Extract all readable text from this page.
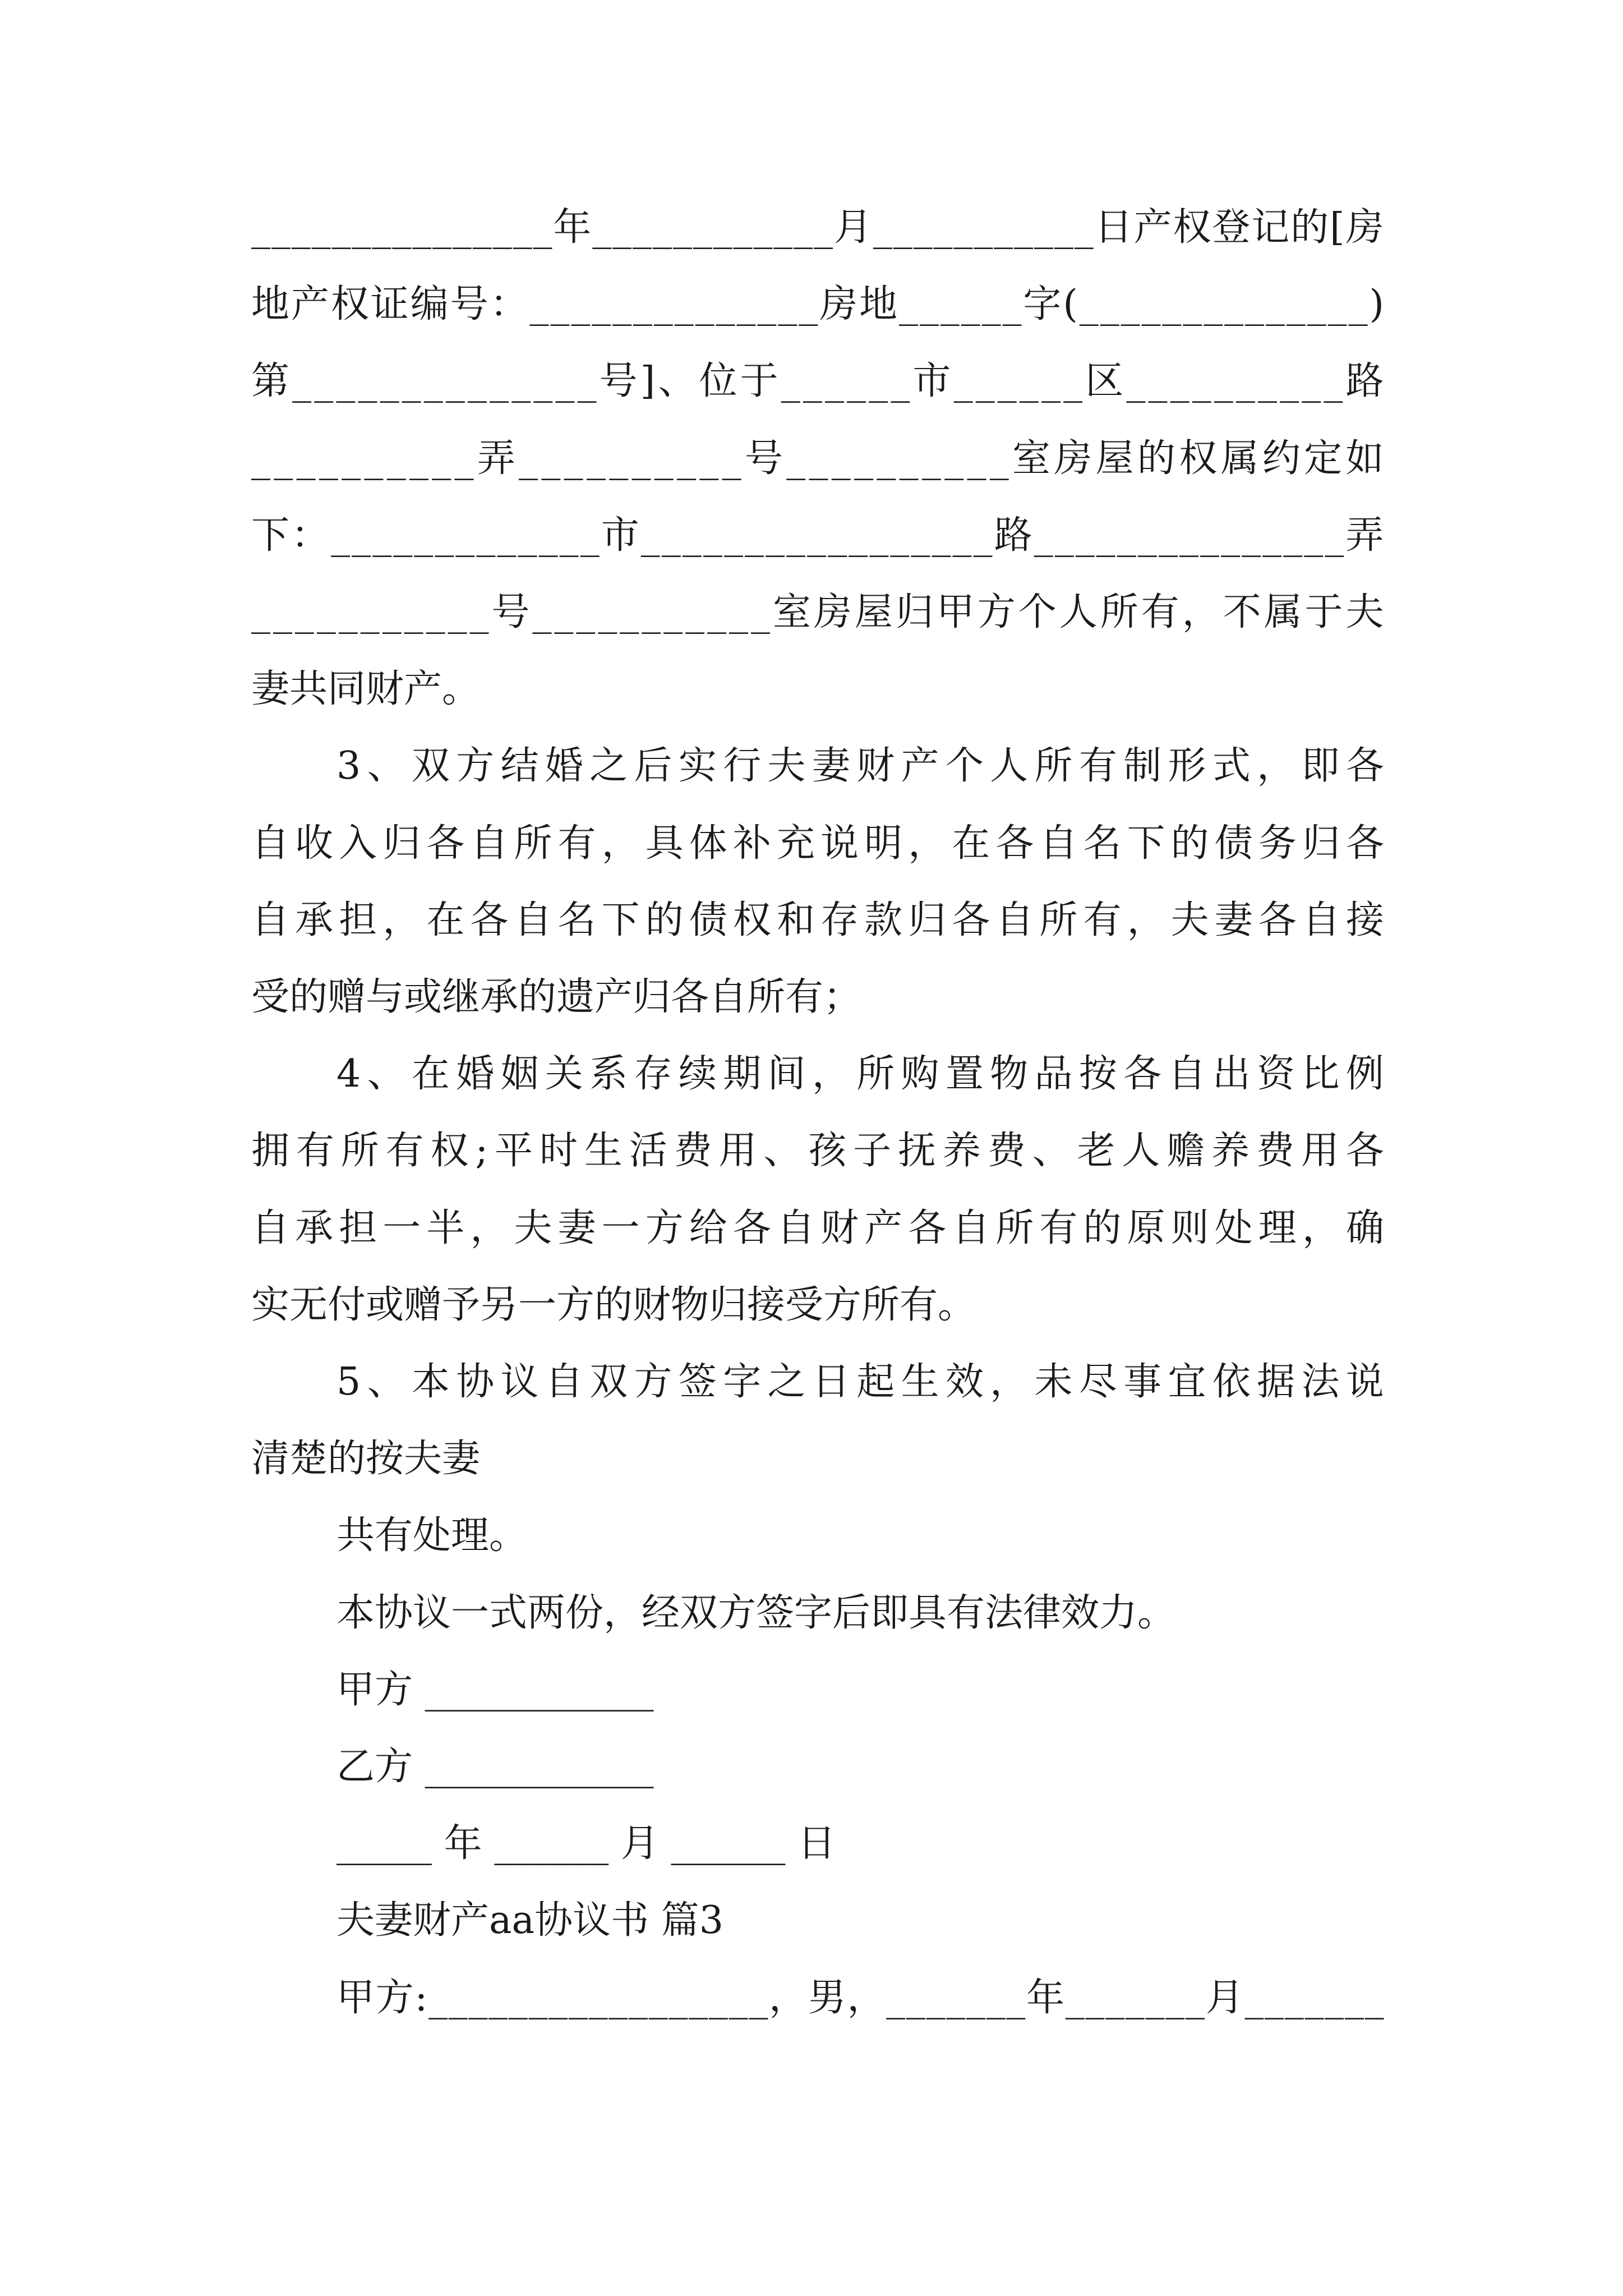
_ _ _ _ _ _ _ _ _ _ _ _ _ _ _ 年 _ _ _ _ _ _ _ _ _ _ _ _ 月 _ _ _ _ _ _ _ _ _ _ _ 日 产 权 登 记 的 [ 房
地 产 权 证 编 号 ： _ _ _ _ _ _ _ _ _ _ _ _ _ _ 房 地 _ _ _ _ _ _ 字 ( _ _ _ _ _ _ _ _ _ _ _ _ _ _ )
第 _ _ _ _ _ _ _ _ _ _ _ _ _ _ 号 ] 、 位 于 _ _ _ _ _ _ 市 _ _ _ _ _ _ 区 _ _ _ _ _ _ _ _ _ _ 路
_ _ _ _ _ _ _ _ _ _ 弄 _ _ _ _ _ _ _ _ _ _ 号 _ _ _ _ _ _ _ _ _ _ 室 房 屋 的 权 属 约 定 如
下 ： _ _ _ _ _ _ _ _ _ _ _ _ _ 市 _ _ _ _ _ _ _ _ _ _ _ _ _ _ _ _ _ 路 _ _ _ _ _ _ _ _ _ _ _ _ _ _ _ 弄
_ _ _ _ _ _ _ _ _ _ _ 号 _ _ _ _ _ _ _ _ _ _ _ 室 房 屋 归 甲 方 个 人 所 有 ， 不 属 于 夫
妻共同财产。
3 、 双 方 结 婚 之 后 实 行 夫 妻 财 产 个 人 所 有 制 形 式 ， 即 各
自 收 入 归 各 自 所 有 ， 具 体 补 充 说 明 ， 在 各 自 名 下 的 债 务 归 各
自 承 担 ， 在 各 自 名 下 的 债 权 和 存 款 归 各 自 所 有 ， 夫 妻 各 自 接
受的赠与或继承的遗产归各自所有；
4 、 在 婚 姻 关 系 存 续 期 间 ， 所 购 置 物 品 按 各 自 出 资 比 例
拥 有 所 有 权 ; 平 时 生 活 费 用 、 孩 子 抚 养 费 、 老 人 赡 养 费 用 各
自 承 担 一 半 ， 夫 妻 一 方 给 各 自 财 产 各 自 所 有 的 原 则 处 理 ， 确
实无付或赠予另一方的财物归接受方所有。
5 、 本 协 议 自 双 方 签 字 之 日 起 生 效 ， 未 尽 事 宜 依 据 法 说
清楚的按夫妻
共有处理。
本协议一式两份，经双方签字后即具有法律效力。
甲方 ____________
乙方 ____________
_____ 年 ______ 月 ______ 日
夫妻财产aa协议书 篇3
甲 方 : _ _ _ _ _ _ _ _ _ _ _ _ _ _ _ _ _ ， 男 ， _ _ _ _ _ _ _ 年 _ _ _ _ _ _ _ 月 _ _ _ _ _ _ _
